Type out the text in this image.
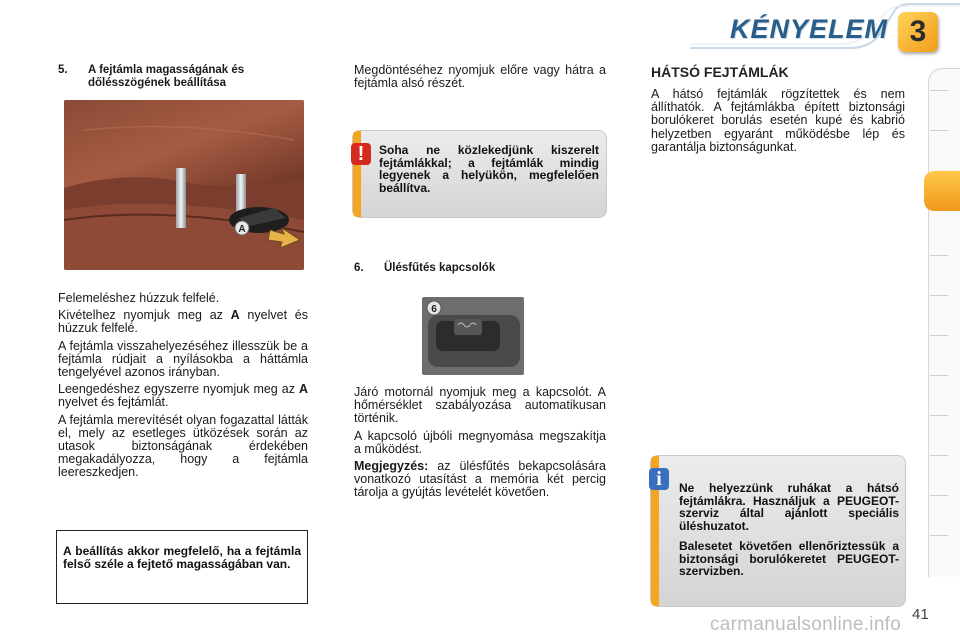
KÉNYELEM 3
5. A fejtámla magasságának és dőlésszögének beállítása
A

Felemeléshez húzzuk felfelé.

Kivételhez nyomjuk meg az A nyelvet és húzzuk felfelé.

A fejtámla visszahelyezéséhez illesszük be a fejtámla rúdjait a nyílásokba a háttámla tengelyével azonos irányban.

Leengedéshez egyszerre nyomjuk meg az A nyelvet és fejtámlát.

A fejtámla merevítését olyan fogazattal látták el, mely az esetleges ütközések során az utasok biztonságának érdekében megakadályozza, hogy a fejtámla leereszkedjen.

A beállítás akkor megfelelő, ha a fejtámla felső széle a fejtető magasságában van.

Megdöntéséhez nyomjuk előre vagy hátra a fejtámla alsó részét.

!	Soha ne közlekedjünk kiszerelt fejtámlákkal; a fejtámlák mindig legyenek a helyükön, megfelelően beállítva.
6. Ülésfűtés kapcsolók
6

Járó motornál nyomjuk meg a kapcsolót. A hőmérséklet szabályozása automatikusan történik.

A kapcsoló újbóli megnyomása megszakítja a működést.

Megjegyzés: az ülésfűtés bekapcsolására vonatkozó utasítást a memória két percig tárolja a gyújtás levételét követően.

HÁTSÓ FEJTÁMLÁK

A hátsó fejtámlák rögzítettek és nem állíthatók. A fejtámlákba épített biztonsági borulókeret borulás esetén kupé és kabrió helyzetben egyaránt működésbe lép és garantálja biztonságunkat.

i	Ne helyezzünk ruhákat a hátsó fejtámlákra. Használjuk a PEUGEOT-szerviz által ajánlott speciális üléshuzatot.
Balesetet követően ellenőriztessük a biztonsági borulókeretet PEUGEOT-szervizben.
41
carmanualsonline.info
